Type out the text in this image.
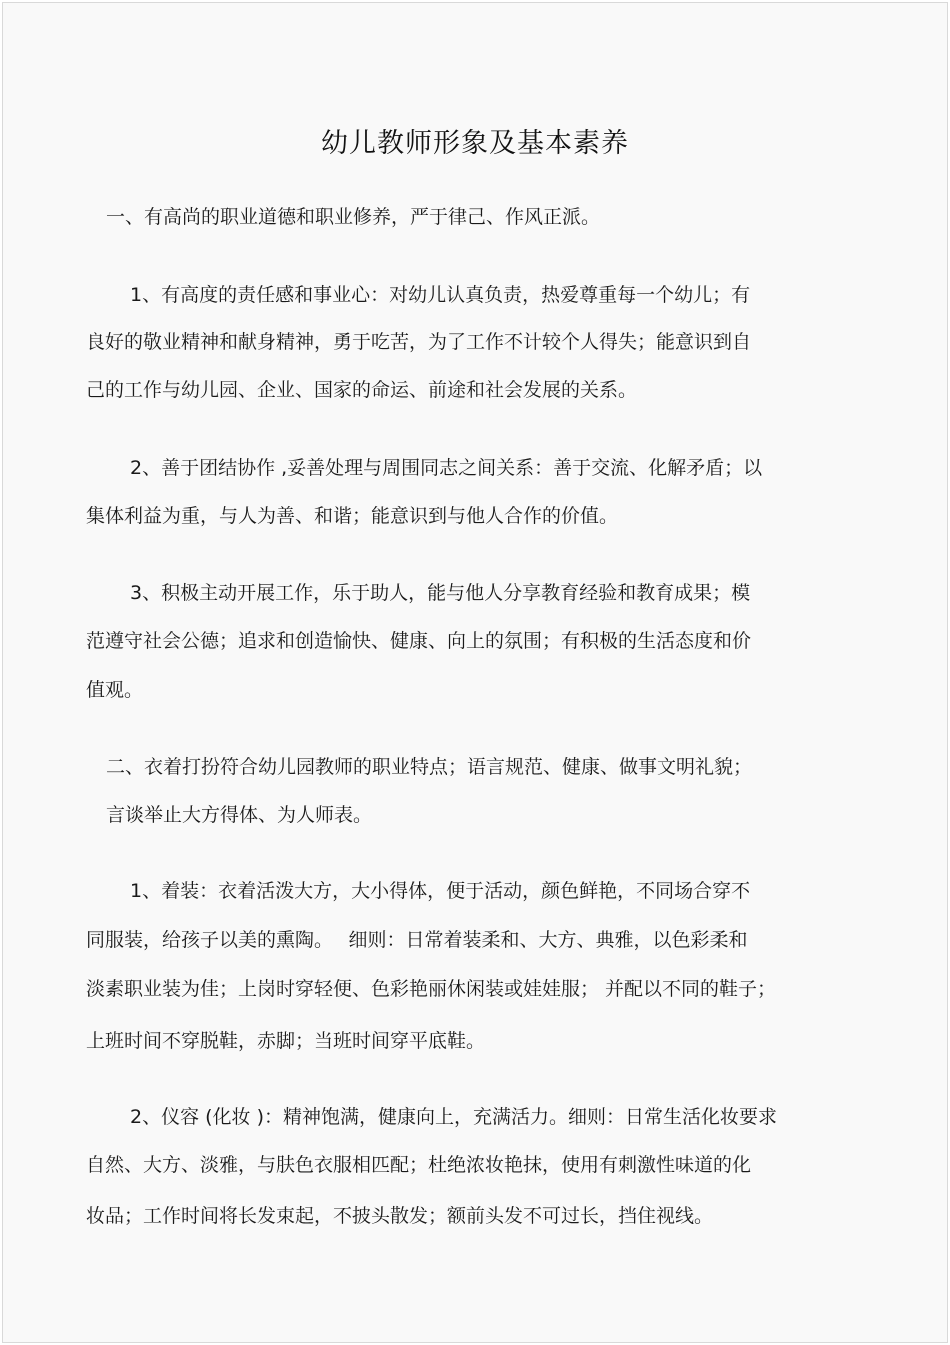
幼儿教师形象及基本素养
一、有高尚的职业道德和职业修养，严于律己、作风正派。
1、有高度的责任感和事业心：对幼儿认真负责，热爱尊重每一个幼儿；有
良好的敬业精神和献身精神，勇于吃苦，为了工作不计较个人得失；能意识到自
己的工作与幼儿园、企业、国家的命运、前途和社会发展的关系。
2、善于团结协作 ,妥善处理与周围同志之间关系：善于交流、化解矛盾；以
集体利益为重，与人为善、和谐；能意识到与他人合作的价值。
3、积极主动开展工作，乐于助人，能与他人分享教育经验和教育成果；模
范遵守社会公德；追求和创造愉快、健康、向上的氛围；有积极的生活态度和价
值观。
二、衣着打扮符合幼儿园教师的职业特点；语言规范、健康、做事文明礼貌；
言谈举止大方得体、为人师表。
1、着装：衣着活泼大方，大小得体，便于活动，颜色鲜艳，不同场合穿不
同服装，给孩子以美的熏陶。　 细则：日常着装柔和、大方、典雅，以色彩柔和
淡素职业装为佳；上岗时穿轻便、色彩艳丽休闲装或娃娃服； 并配以不同的鞋子；
上班时间不穿脱鞋，赤脚；当班时间穿平底鞋。
2、仪容 (化妆 )：精神饱满，健康向上，充满活力。细则：日常生活化妆要求
自然、大方、淡雅，与肤色衣服相匹配；杜绝浓妆艳抹，使用有刺激性味道的化
妆品；工作时间将长发束起，不披头散发；额前头发不可过长，挡住视线。
